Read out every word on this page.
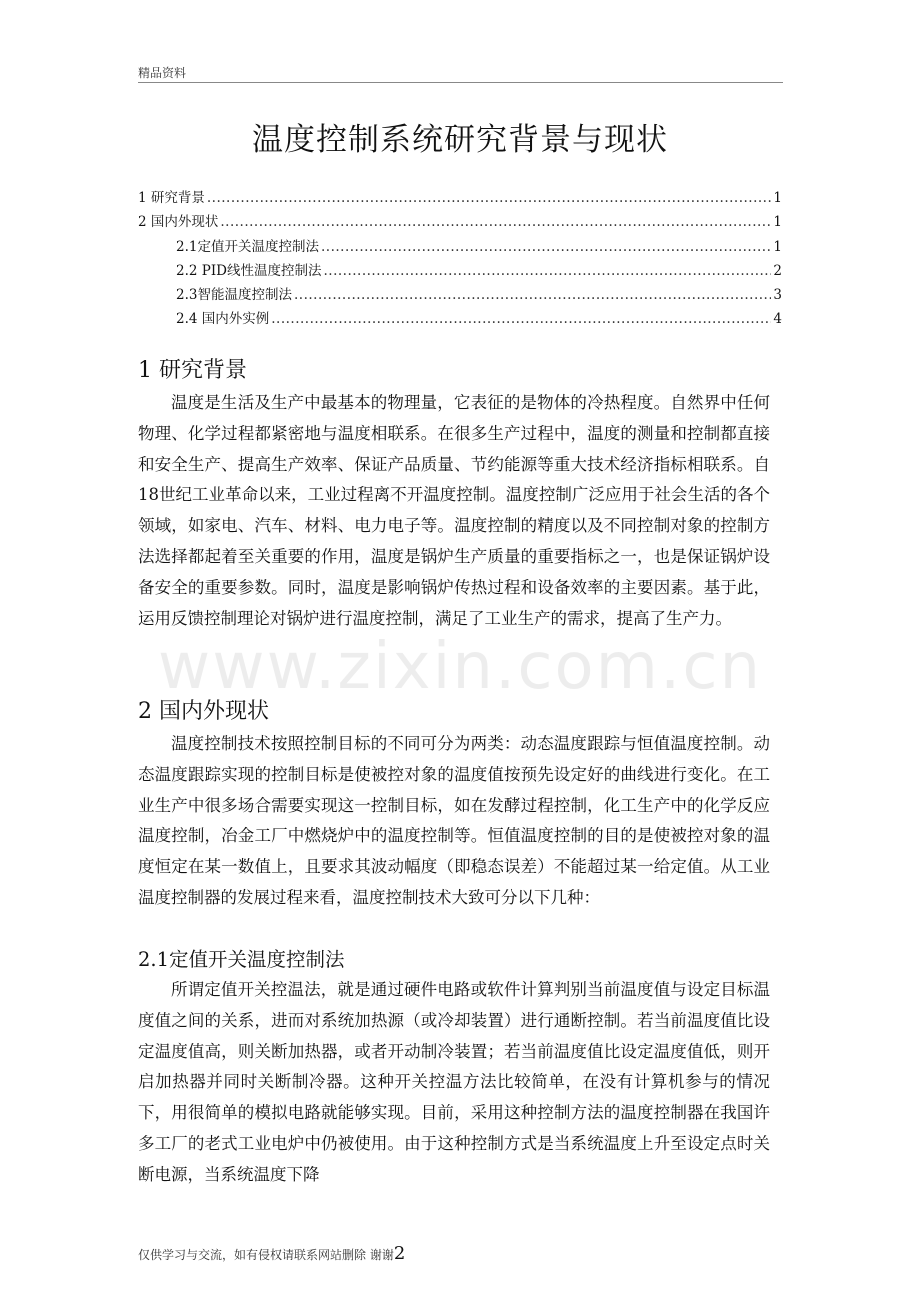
精品资料
温度控制系统研究背景与现状
1 研究背景 .....	1
2 国内外现状 .....	1
2.1定值开关温度控制法 .....	1
2.2 PID线性温度控制法 .....	2
2.3智能温度控制法 .....	3
2.4 国内外实例 .....	4
1 研究背景

温度是生活及生产中最基本的物理量，它表征的是物体的冷热程度。自然界中任何物理、化学过程都紧密地与温度相联系。在很多生产过程中，温度的测量和控制都直接和安全生产、提高生产效率、保证产品质量、节约能源等重大技术经济指标相联系。自18世纪工业革命以来，工业过程离不开温度控制。温度控制广泛应用于社会生活的各个领域，如家电、汽车、材料、电力电子等。温度控制的精度以及不同控制对象的控制方法选择都起着至关重要的作用，温度是锅炉生产质量的重要指标之一，也是保证锅炉设备安全的重要参数。同时，温度是影响锅炉传热过程和设备效率的主要因素。基于此，运用反馈控制理论对锅炉进行温度控制，满足了工业生产的需求，提高了生产力。

www.zixin.com.cn
2 国内外现状

温度控制技术按照控制目标的不同可分为两类：动态温度跟踪与恒值温度控制。动态温度跟踪实现的控制目标是使被控对象的温度值按预先设定好的曲线进行变化。在工业生产中很多场合需要实现这一控制目标，如在发酵过程控制，化工生产中的化学反应温度控制，冶金工厂中燃烧炉中的温度控制等。恒值温度控制的目的是使被控对象的温度恒定在某一数值上，且要求其波动幅度（即稳态误差）不能超过某一给定值。从工业温度控制器的发展过程来看，温度控制技术大致可分以下几种：

2.1定值开关温度控制法

所谓定值开关控温法，就是通过硬件电路或软件计算判别当前温度值与设定目标温度值之间的关系，进而对系统加热源（或冷却装置）进行通断控制。若当前温度值比设定温度值高，则关断加热器，或者开动制冷装置；若当前温度值比设定温度值低，则开启加热器并同时关断制冷器。这种开关控温方法比较简单，在没有计算机参与的情况下，用很简单的模拟电路就能够实现。目前，采用这种控制方法的温度控制器在我国许多工厂的老式工业电炉中仍被使用。由于这种控制方式是当系统温度上升至设定点时关断电源，当系统温度下降

仅供学习与交流，如有侵权请联系网站删除 谢谢2
